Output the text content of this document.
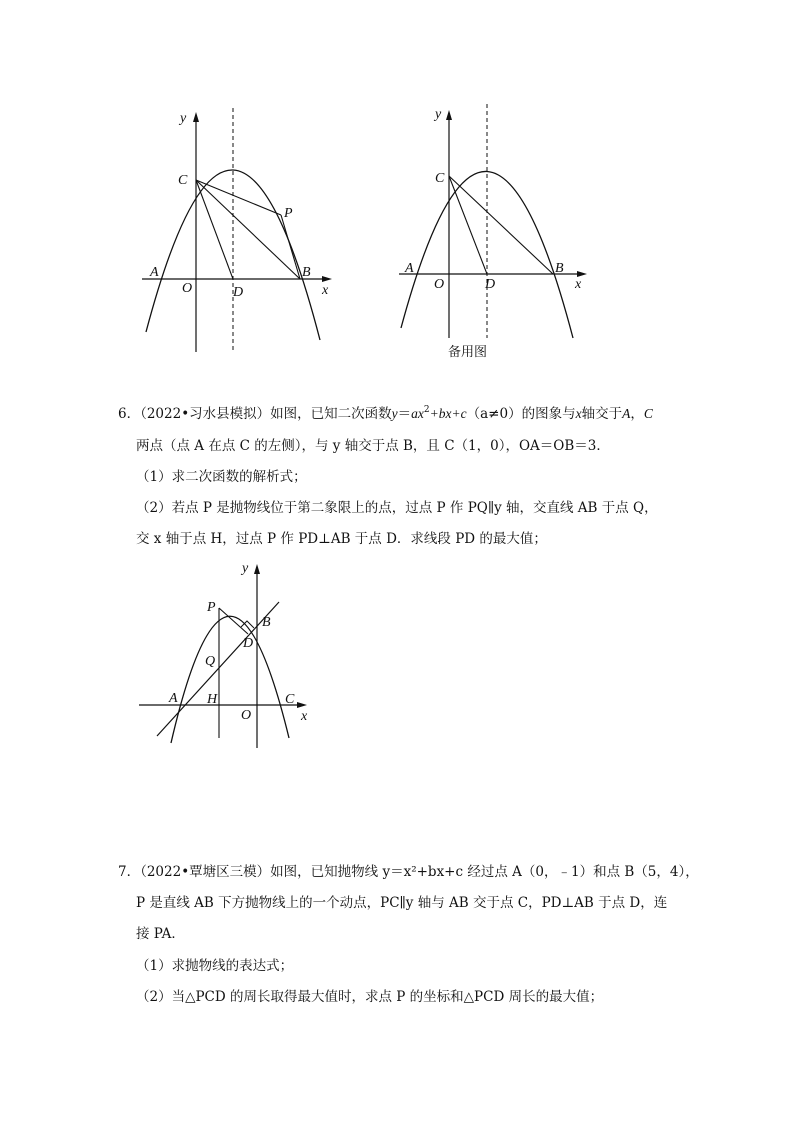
y
x
C
P
A
O	D
B
y
x
C
A
O	D
B
备用图
6．（2022•习水县模拟）如图，已知二次函数$y=ax^2+bx+c(a\ne 0)$的图象与x轴交于A，C
两点（点 A 在点 C 的左侧），与 y 轴交于点 B，且 C（1，0），OA＝OB＝3．
（1）求二次函数的解析式；
（2）若点 P 是抛物线位于第二象限上的点，过点 P 作 PQ∥y 轴，交直线 AB 于点 Q，
交 x 轴于点 H，过点 P 作 PD⊥AB 于点 D．求线段 PD 的最大值；
y
x
P
B
D
Q
A H
O
C
7．（2022•覃塘区三模）如图，已知抛物线 y＝x²+bx+c 经过点 A（0，﹣1）和点 B（5，4），
P 是直线 AB 下方抛物线上的一个动点，PC∥y 轴与 AB 交于点 C，PD⊥AB 于点 D，连
接 PA．
（1）求抛物线的表达式；
（2）当△PCD 的周长取得最大值时，求点 P 的坐标和△PCD 周长的最大值；
